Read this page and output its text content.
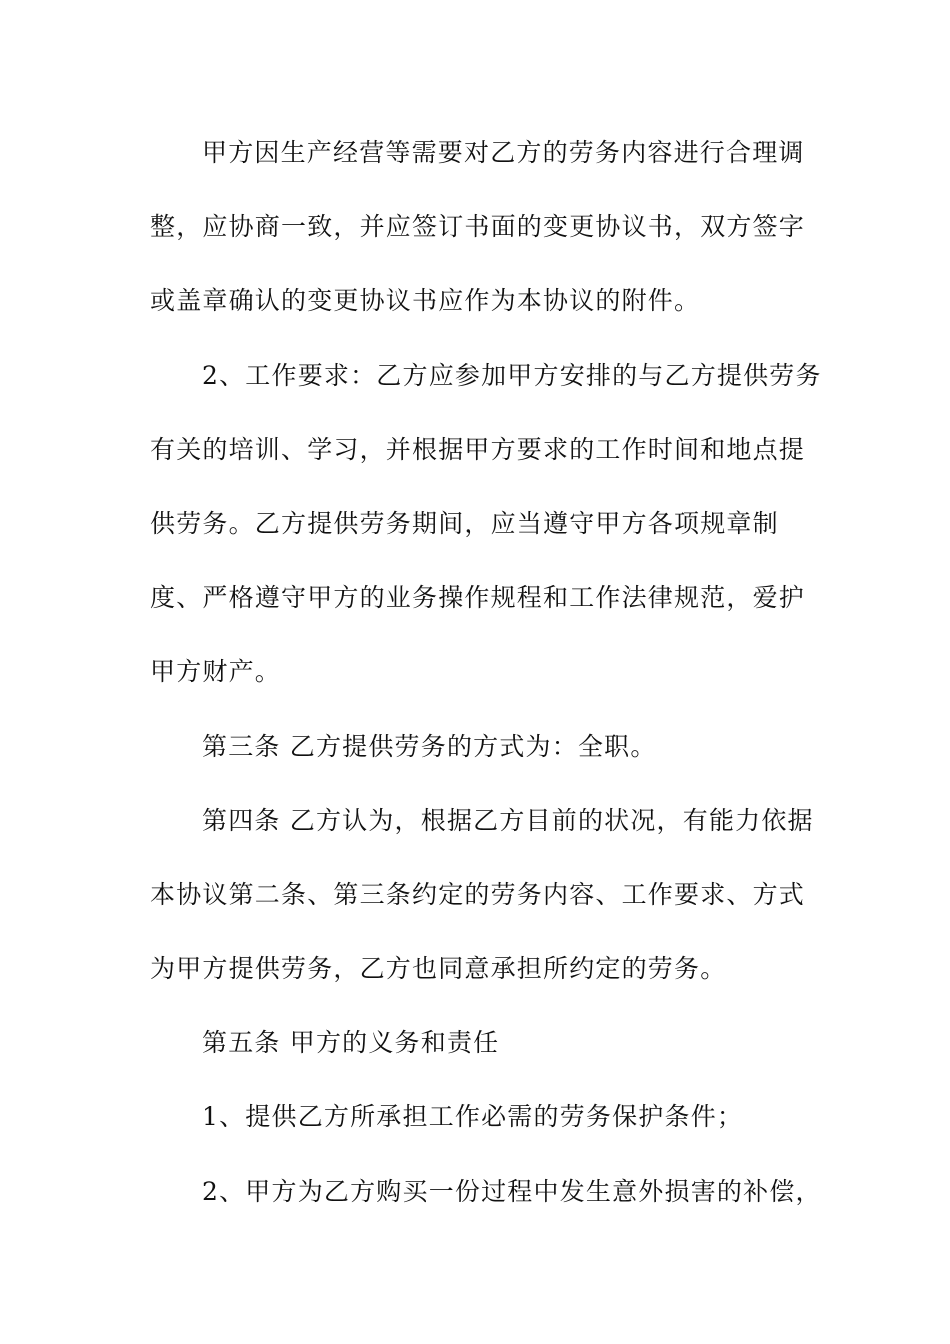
甲方因生产经营等需要对乙方的劳务内容进行合理调
整，应协商一致，并应签订书面的变更协议书，双方签字
或盖章确认的变更协议书应作为本协议的附件。
2、工作要求：乙方应参加甲方安排的与乙方提供劳务
有关的培训、学习，并根据甲方要求的工作时间和地点提
供劳务。乙方提供劳务期间，应当遵守甲方各项规章制
度、严格遵守甲方的业务操作规程和工作法律规范，爱护
甲方财产。
第三条 乙方提供劳务的方式为：全职。
第四条 乙方认为，根据乙方目前的状况，有能力依据
本协议第二条、第三条约定的劳务内容、工作要求、方式
为甲方提供劳务，乙方也同意承担所约定的劳务。
第五条 甲方的义务和责任
1、提供乙方所承担工作必需的劳务保护条件；
2、甲方为乙方购买一份过程中发生意外损害的补偿，
